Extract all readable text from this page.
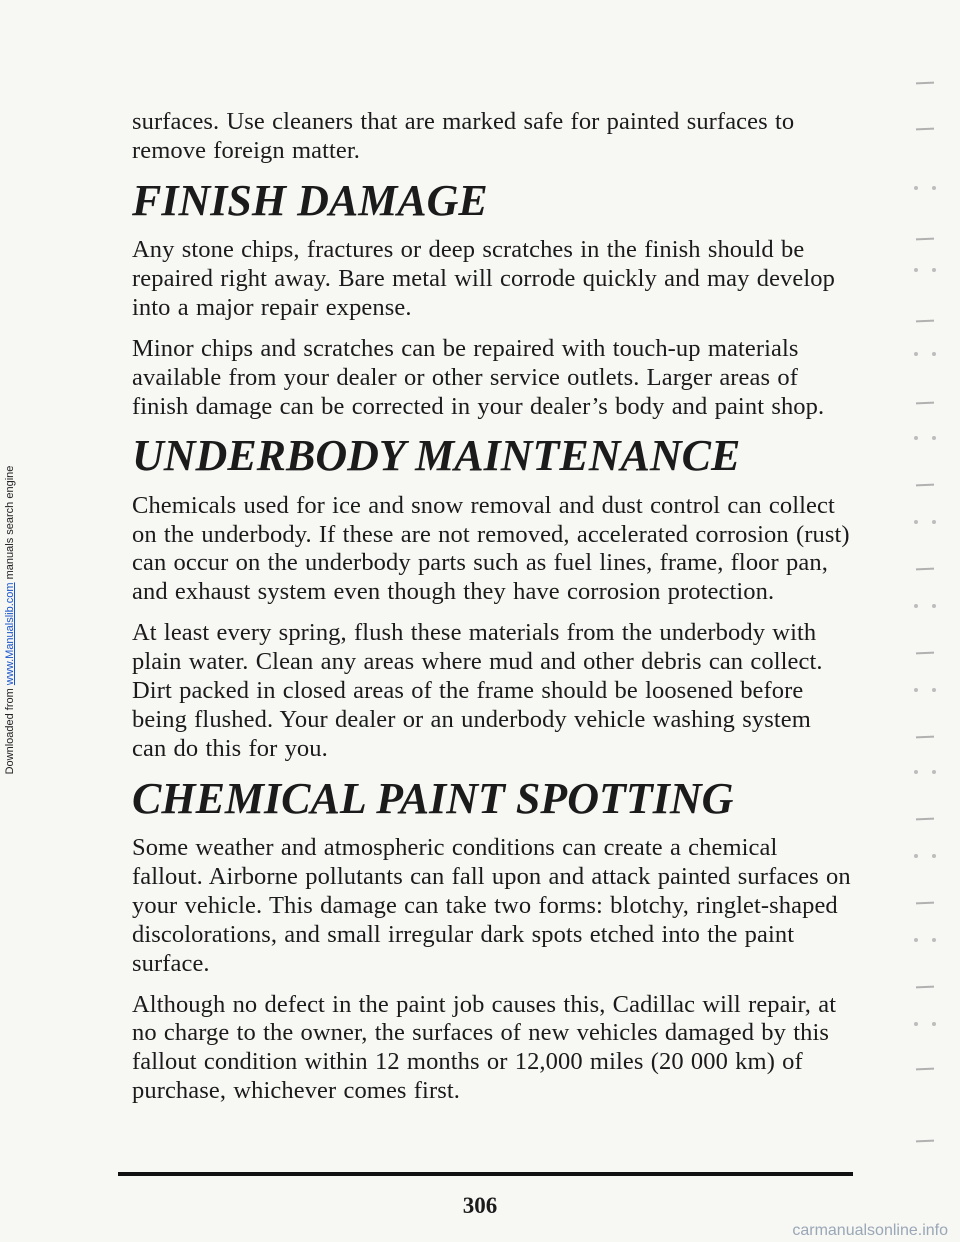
Downloaded from www.Manualslib.com manuals search engine

surfaces. Use cleaners that are marked safe for painted surfaces to remove foreign matter.

FINISH DAMAGE

Any stone chips, fractures or deep scratches in the finish should be repaired right away. Bare metal will corrode quickly and may develop into a major repair expense.

Minor chips and scratches can be repaired with touch-up materials available from your dealer or other service outlets. Larger areas of finish damage can be corrected in your dealer’s body and paint shop.

UNDERBODY MAINTENANCE

Chemicals used for ice and snow removal and dust control can collect on the underbody. If these are not removed, accelerated corrosion (rust) can occur on the underbody parts such as fuel lines, frame, floor pan, and exhaust system even though they have corrosion protection.

At least every spring, flush these materials from the underbody with plain water. Clean any areas where mud and other debris can collect. Dirt packed in closed areas of the frame should be loosened before being flushed. Your dealer or an underbody vehicle washing system can do this for you.

CHEMICAL PAINT SPOTTING

Some weather and atmospheric conditions can create a chemical fallout. Airborne pollutants can fall upon and attack painted surfaces on your vehicle. This damage can take two forms: blotchy, ringlet-shaped discolorations, and small irregular dark spots etched into the paint surface.

Although no defect in the paint job causes this, Cadillac will repair, at no charge to the owner, the surfaces of new vehicles damaged by this fallout condition within 12 months or 12,000 miles (20 000 km) of purchase, whichever comes first.

306
carmanualsonline.info
